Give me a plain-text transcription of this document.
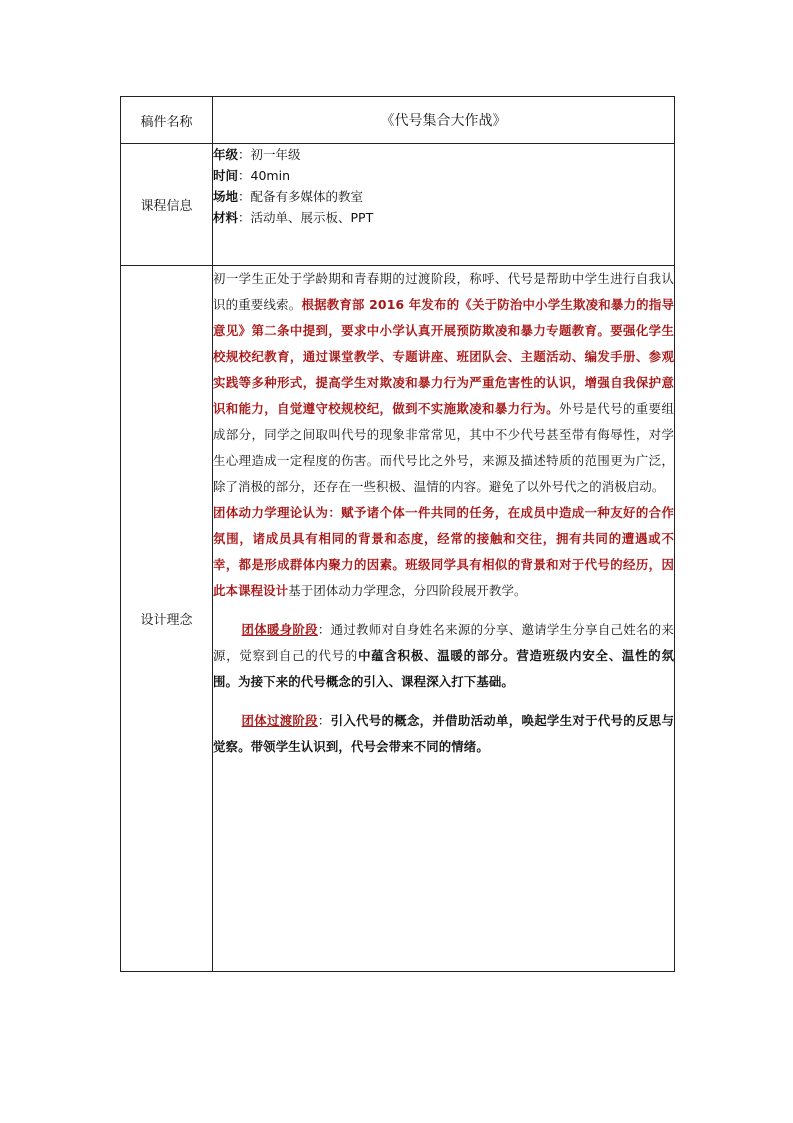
稿件名称	《代号集合大作战》
课程信息	年级：初一年级
时间：40min
场地：配备有多媒体的教室
材料：活动单、展示板、PPT

设计理念	初一学生正处于学龄期和青春期的过渡阶段，称呼、代号是帮助中学生进行自我认识的重要线索。根据教育部 2016 年发布的《关于防治中小学生欺凌和暴力的指导意见》第二条中提到，要求中小学认真开展预防欺凌和暴力专题教育。要强化学生校规校纪教育，通过课堂教学、专题讲座、班团队会、主题活动、编发手册、参观实践等多种形式，提高学生对欺凌和暴力行为严重危害性的认识，增强自我保护意识和能力，自觉遵守校规校纪，做到不实施欺凌和暴力行为。外号是代号的重要组成部分，同学之间取叫代号的现象非常常见，其中不少代号甚至带有侮辱性，对学生心理造成一定程度的伤害。而代号比之外号，来源及描述特质的范围更为广泛，除了消极的部分，还存在一些积极、温情的内容。避免了以外号代之的消极启动。

团体动力学理论认为：赋予诸个体一件共同的任务，在成员中造成一种友好的合作氛围，诸成员具有相同的背景和态度，经常的接触和交往，拥有共同的遭遇或不幸，都是形成群体内聚力的因素。班级同学具有相似的背景和对于代号的经历，因此本课程设计基于团体动力学理念，分四阶段展开教学。

团体暖身阶段：通过教师对自身姓名来源的分享、邀请学生分享自己姓名的来源，觉察到自己的代号的中蕴含积极、温暖的部分。营造班级内安全、温性的氛围。为接下来的代号概念的引入、课程深入打下基础。

团体过渡阶段：引入代号的概念，并借助活动单，唤起学生对于代号的反思与觉察。带领学生认识到，代号会带来不同的情绪。
